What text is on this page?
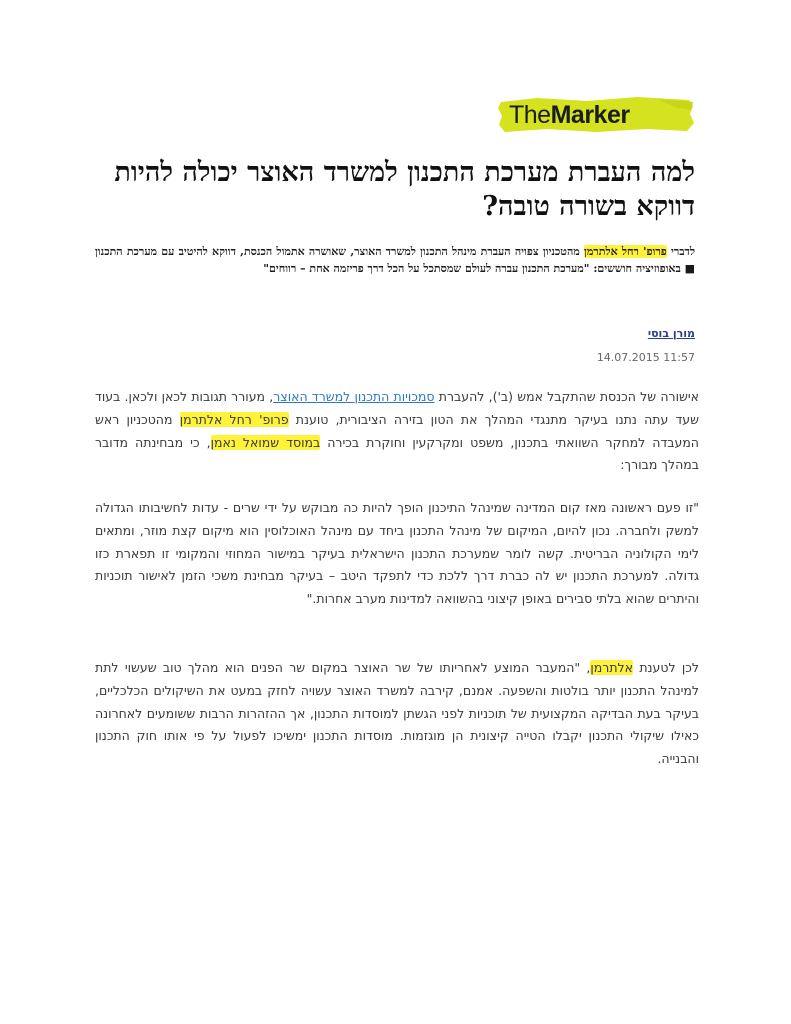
TheMarker
למה העברת מערכת התכנון למשרד האוצר יכולה להיות דווקא בשורה טובה?

לדברי פרופ' רחל אלתרמן מהטכניון צפויה העברת מינהל התכנון למשרד האוצר, שאושרה אתמול הכנסת, דווקא להיטיב עם מערכת התכנון ■ באופוזיציה חוששים: "מערכת התכנון עברה לעולם שמסתכל על הכל דרך פריזמה אחת – רווחים"

מורן בוסי
14.07.2015 11:57

אישורה של הכנסת שהתקבל אמש (ב'), להעברת סמכויות התכנון למשרד האוצר, מעורר תגובות לכאן ולכאן. בעוד שעד עתה נתנו בעיקר מתנגדי המהלך את הטון בזירה הציבורית, טוענת פרופ' רחל אלתרמן מהטכניון ראש המעבדה למחקר השוואתי בתכנון, משפט ומקרקעין וחוקרת בכירה במוסד שמואל נאמן, כי מבחינתה מדובר במהלך מבורך:

"זו פעם ראשונה מאז קום המדינה שמינהל התיכנון הופך להיות כה מבוקש על ידי שרים - עדות לחשיבותו הגדולה למשק ולחברה. נכון להיום, המיקום של מינהל התכנון ביחד עם מינהל האוכלוסין הוא מיקום קצת מוזר, ומתאים לימי הקולוניה הבריטית. קשה לומר שמערכת התכנון הישראלית בעיקר במישור המחוזי והמקומי זו תפארת כזו גדולה. למערכת התכנון יש לה כברת דרך ללכת כדי לתפקד היטב – בעיקר מבחינת משכי הזמן לאישור תוכניות והיתרים שהוא בלתי סבירים באופן קיצוני בהשוואה למדינות מערב אחרות."

לכן לטענת אלתרמן, "המעבר המוצע לאחריותו של שר האוצר במקום שר הפנים הוא מהלך טוב שעשוי לתת למינהל התכנון יותר בולטות והשפעה. אמנם, קירבה למשרד האוצר עשויה לחזק במעט את השיקולים הכלכליים, בעיקר בעת הבדיקה המקצועית של תוכניות לפני הגשתן למוסדות התכנון, אך ההזהרות הרבות ששומעים לאחרונה כאילו שיקולי התכנון יקבלו הטייה קיצונית הן מוגזמות. מוסדות התכנון ימשיכו לפעול על פי אותו חוק התכנון והבנייה.
